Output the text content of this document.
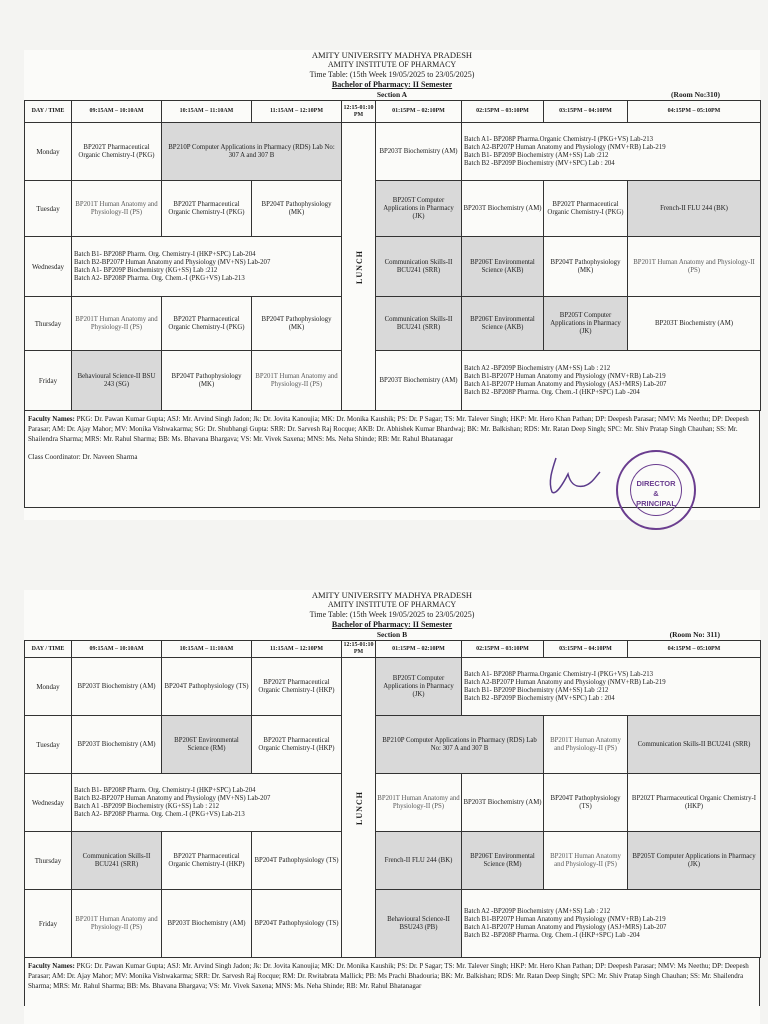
AMITY UNIVERSITY MADHYA PRADESH
AMITY INSTITUTE OF PHARMACY
Time Table: (15th Week 19/05/2025 to 23/05/2025)
Bachelor of Pharmacy: II Semester
Section A	(Room No:310)
DAY / TIME	09:15AM – 10:10AM	10:15AM – 11:10AM	11:15AM – 12:10PM	12:15-01:10 PM	01:15PM – 02:10PM	02:15PM – 03:10PM	03:15PM – 04:10PM	04:15PM – 05:10PM
Monday	BP202T Pharmaceutical Organic Chemistry-I (PKG)	BP210P Computer Applications in Pharmacy (RDS) Lab No: 307 A and 307 B		LUNCH	BP203T Biochemistry (AM)	Batch A1- BP208P Pharma.Organic Chemistry-I (PKG+VS) Lab-213
Batch A2-BP207P Human Anatomy and Physiology (NMV+RB) Lab-219
Batch B1- BP209P Biochemistry (AM+SS) Lab :212
Batch B2 -BP209P Biochemistry (MV+SPC) Lab : 204		

Tuesday	BP201T Human Anatomy and Physiology-II (PS)	BP202T Pharmaceutical Organic Chemistry-I (PKG)	BP204T Pathophysiology (MK)		BP205T Computer Applications in Pharmacy (JK)	BP203T Biochemistry (AM)	BP202T Pharmaceutical Organic Chemistry-I (PKG)	French-II FLU 244 (BK)
Wednesday	Batch B1- BP208P Pharm. Org. Chemistry-I (HKP+SPC) Lab-204
Batch B2-BP207P Human Anatomy and Physiology (MV+NS) Lab-207
Batch A1- BP209P Biochemistry (KG+SS) Lab :212
Batch A2- BP208P Pharma. Org. Chem.-I (PKG+VS) Lab-213				Communication Skills-II BCU241 (SRR)	BP206T Environmental Science (AKB)	BP204T Pathophysiology (MK)	BP201T Human Anatomy and Physiology-II (PS)
Thursday	BP201T Human Anatomy and Physiology-II (PS)	BP202T Pharmaceutical Organic Chemistry-I (PKG)	BP204T Pathophysiology (MK)		Communication Skills-II BCU241 (SRR)	BP206T Environmental Science (AKB)	BP205T Computer Applications in Pharmacy (JK)	BP203T Biochemistry (AM)
Friday	Behavioural Science-II BSU 243 (SG)	BP204T Pathophysiology (MK)	BP201T Human Anatomy and Physiology-II (PS)		BP203T Biochemistry (AM)	Batch A2 -BP209P Biochemistry (AM+SS) Lab : 212
Batch B1-BP207P Human Anatomy and Physiology (NMV+RB) Lab-219
Batch A1-BP207P Human Anatomy and Physiology (ASJ+MRS) Lab-207
Batch B2 -BP208P Pharma. Org. Chem.-I (HKP+SPC) Lab -204		
Faculty Names: PKG: Dr. Pawan Kumar Gupta; ASJ: Mr. Arvind Singh Jadon; Jk: Dr. Jovita Kanoujia; MK: Dr. Monika Kaushik; PS: Dr. P Sagar; TS: Mr. Talever Singh; HKP: Mr. Hero Khan Pathan; DP: Deepesh Parasar; NMV: Ms Neethu; DP: Deepesh Parasar; AM: Dr. Ajay Mahor; MV: Monika Vishwakarma; SG: Dr. Shubhangi Gupta: SRR: Dr. Sarvesh Raj Rocque; AKB: Dr. Abhishek Kumar Bhardwaj; BK: Mr. Balkishan; RDS: Mr. Ratan Deep Singh; SPC: Mr. Shiv Pratap Singh Chauhan; SS: Mr. Shailendra Sharma; MRS: Mr. Rahul Sharma; BB: Ms. Bhavana Bhargava; VS: Mr. Vivek Saxena; MNS: Ms. Neha Shinde; RB: Mr. Rahul Bhatanagar
Class Coordinator: Dr. Naveen Sharma
DIRECTOR
&
PRINCIPAL
AMITY UNIVERSITY MADHYA PRADESH
AMITY INSTITUTE OF PHARMACY
Time Table: (15th Week 19/05/2025 to 23/05/2025)
Bachelor of Pharmacy: II Semester
Section B	(Room No: 311)
DAY / TIME	09:15AM – 10:10AM	10:15AM – 11:10AM	11:15AM – 12:10PM	12:15-01:10 PM	01:15PM – 02:10PM	02:15PM – 03:10PM	03:15PM – 04:10PM	04:15PM – 05:10PM
Monday	BP203T Biochemistry (AM)	BP204T Pathophysiology (TS)	BP202T Pharmaceutical Organic Chemistry-I (HKP)	LUNCH	BP205T Computer Applications in Pharmacy (JK)	Batch A1- BP208P Pharma.Organic Chemistry-I (PKG+VS) Lab-213
Batch A2-BP207P Human Anatomy and Physiology (NMV+RB) Lab-219
Batch B1- BP209P Biochemistry (AM+SS) Lab :212
Batch B2 -BP209P Biochemistry (MV+SPC) Lab : 204		

Tuesday	BP203T Biochemistry (AM)	BP206T Environmental Science (RM)	BP202T Pharmaceutical Organic Chemistry-I (HKP)		BP210P Computer Applications in Pharmacy (RDS) Lab No: 307 A and 307 B		BP201T Human Anatomy and Physiology-II (PS)	Communication Skills-II BCU241 (SRR)
Wednesday	Batch B1- BP208P Pharm. Org. Chemistry-I (HKP+SPC) Lab-204
Batch B2-BP207P Human Anatomy and Physiology (MV+NS) Lab-207
Batch A1 -BP209P Biochemistry (KG+SS) Lab : 212
Batch A2- BP208P Pharma. Org. Chem.-I (PKG+VS) Lab-213				BP201T Human Anatomy and Physiology-II (PS)	BP203T Biochemistry (AM)	BP204T Pathophysiology (TS)	BP202T Pharmaceutical Organic Chemistry-I (HKP)
Thursday	Communication Skills-II BCU241 (SRR)	BP202T Pharmaceutical Organic Chemistry-I (HKP)	BP204T Pathophysiology (TS)		French-II FLU 244 (BK)	BP206T Environmental Science (RM)	BP201T Human Anatomy and Physiology-II (PS)	BP205T Computer Applications in Pharmacy (JK)
Friday	BP201T Human Anatomy and Physiology-II (PS)	BP203T Biochemistry (AM)	BP204T Pathophysiology (TS)		Behavioural Science-II BSU243 (PB)	Batch A2 -BP209P Biochemistry (AM+SS) Lab : 212
Batch B1-BP207P Human Anatomy and Physiology (NMV+RB) Lab-219
Batch A1-BP207P Human Anatomy and Physiology (ASJ+MRS) Lab-207
Batch B2 -BP208P Pharma. Org. Chem.-I (HKP+SPC) Lab -204		
Faculty Names: PKG: Dr. Pawan Kumar Gupta; ASJ: Mr. Arvind Singh Jadon; Jk: Dr. Jovita Kanoujia; MK: Dr. Monika Kaushik; PS: Dr. P Sagar; TS: Mr. Talever Singh; HKP: Mr. Hero Khan Pathan; DP: Deepesh Parasar; NMV: Ms Neethu; DP: Deepesh Parasar; AM: Dr. Ajay Mahor; MV: Monika Vishwakarma; SRR: Dr. Sarvesh Raj Rocque; RM: Dr. Rwitabrata Mallick; PB: Ms Prachi Bhadouria; BK: Mr. Balkishan; RDS: Mr. Ratan Deep Singh; SPC: Mr. Shiv Pratap Singh Chauhan; SS: Mr. Shailendra Sharma; MRS: Mr. Rahul Sharma; BB: Ms. Bhavana Bhargava; VS: Mr. Vivek Saxena; MNS: Ms. Neha Shinde; RB: Mr. Rahul Bhatanagar
